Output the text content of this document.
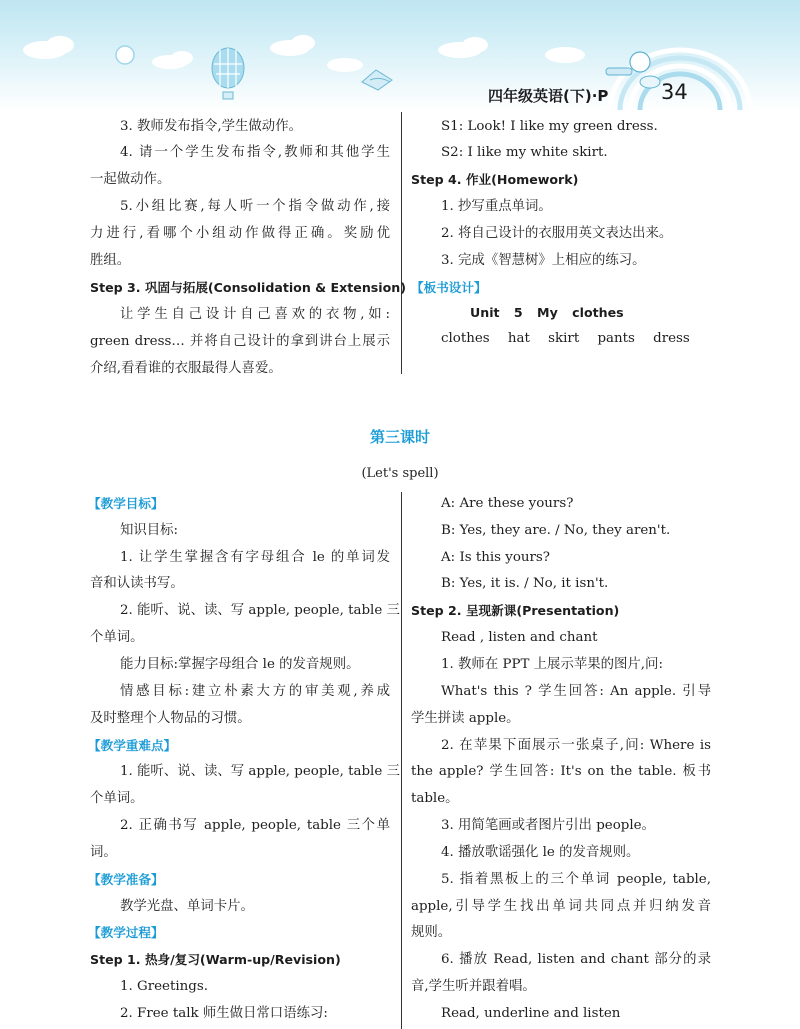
四年级英语(下)·P	34
3. 教师发布指令,学生做动作。
4. 请一个学生发布指令,教师和其他学生
一起做动作。
5.小组比赛,每人听一个指令做动作,接
力进行,看哪个小组动作做得正确。奖励优
胜组。
Step 3. 巩固与拓展(Consolidation & Extension)
让学生自己设计自己喜欢的衣物,如:
green dress… 并将自己设计的拿到讲台上展示
介绍,看看谁的衣服最得人喜爱。
S1: Look! I like my green dress.
S2: I like my white skirt.
Step 4. 作业(Homework)
1. 抄写重点单词。
2. 将自己设计的衣服用英文表达出来。
3. 完成《智慧树》上相应的练习。
【板书设计】
Unit 5 My clothes
clothes hat skirt pants dress
第三课时
(Let's spell)
【教学目标】
知识目标:
1. 让学生掌握含有字母组合 le 的单词发
音和认读书写。
2. 能听、说、读、写 apple, people, table 三
个单词。
能力目标:掌握字母组合 le 的发音规则。
情感目标:建立朴素大方的审美观,养成
及时整理个人物品的习惯。
【教学重难点】
1. 能听、说、读、写 apple, people, table 三
个单词。
2. 正确书写 apple, people, table 三个单
词。
【教学准备】
教学光盘、单词卡片。
【教学过程】
Step 1. 热身/复习(Warm-up/Revision)
1. Greetings.
2. Free talk 师生做日常口语练习:
A: Are these yours?
B: Yes, they are. / No, they aren't.
A: Is this yours?
B: Yes, it is. / No, it isn't.
Step 2. 呈现新课(Presentation)
Read , listen and chant
1. 教师在 PPT 上展示苹果的图片,问:
What's this ? 学生回答: An apple. 引导
学生拼读 apple。
2. 在苹果下面展示一张桌子,问: Where is
the apple? 学生回答: It's on the table. 板书
table。
3. 用简笔画或者图片引出 people。
4. 播放歌谣强化 le 的发音规则。
5. 指着黑板上的三个单词 people, table,
apple,引导学生找出单词共同点并归纳发音
规则。
6. 播放 Read, listen and chant 部分的录
音,学生听并跟着唱。
Read, underline and listen
